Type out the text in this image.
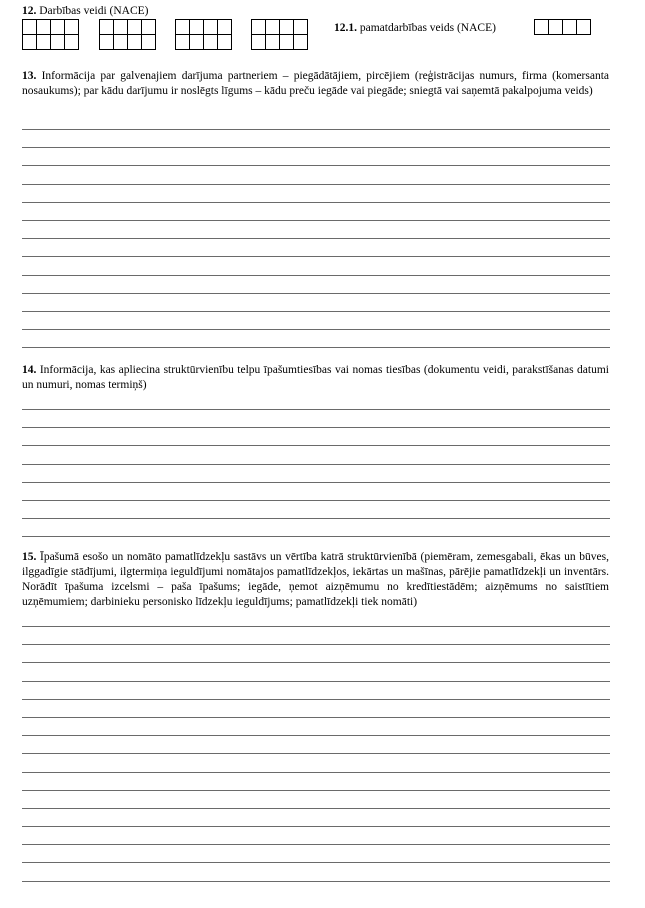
12. Darbības veidi (NACE)

12.1. pamatdarbības veids (NACE)

13. Informācija par galvenajiem darījuma partneriem – piegādātājiem, pircējiem (reģistrācijas numurs, firma (komersanta nosaukums); par kādu darījumu ir noslēgts līgums – kādu preču iegāde vai piegāde; sniegtā vai saņemtā pakalpojuma veids)
14. Informācija, kas apliecina struktūrvienību telpu īpašumtiesības vai nomas tiesības (dokumentu veidi, parakstīšanas datumi un numuri, nomas termiņš)
15. Īpašumā esošo un nomāto pamatlīdzekļu sastāvs un vērtība katrā struktūrvienībā (piemēram, zemesgabali, ēkas un būves, ilggadīgie stādījumi, ilgtermiņa ieguldījumi nomātajos pamatlīdzekļos, iekārtas un mašīnas, pārējie pamatlīdzekļi un inventārs. Norādīt īpašuma izcelsmi – paša īpašums; iegāde, ņemot aizņēmumu no kredītiestādēm; aizņēmums no saistītiem uzņēmumiem; darbinieku personisko līdzekļu ieguldījums; pamatlīdzekļi tiek nomāti)
